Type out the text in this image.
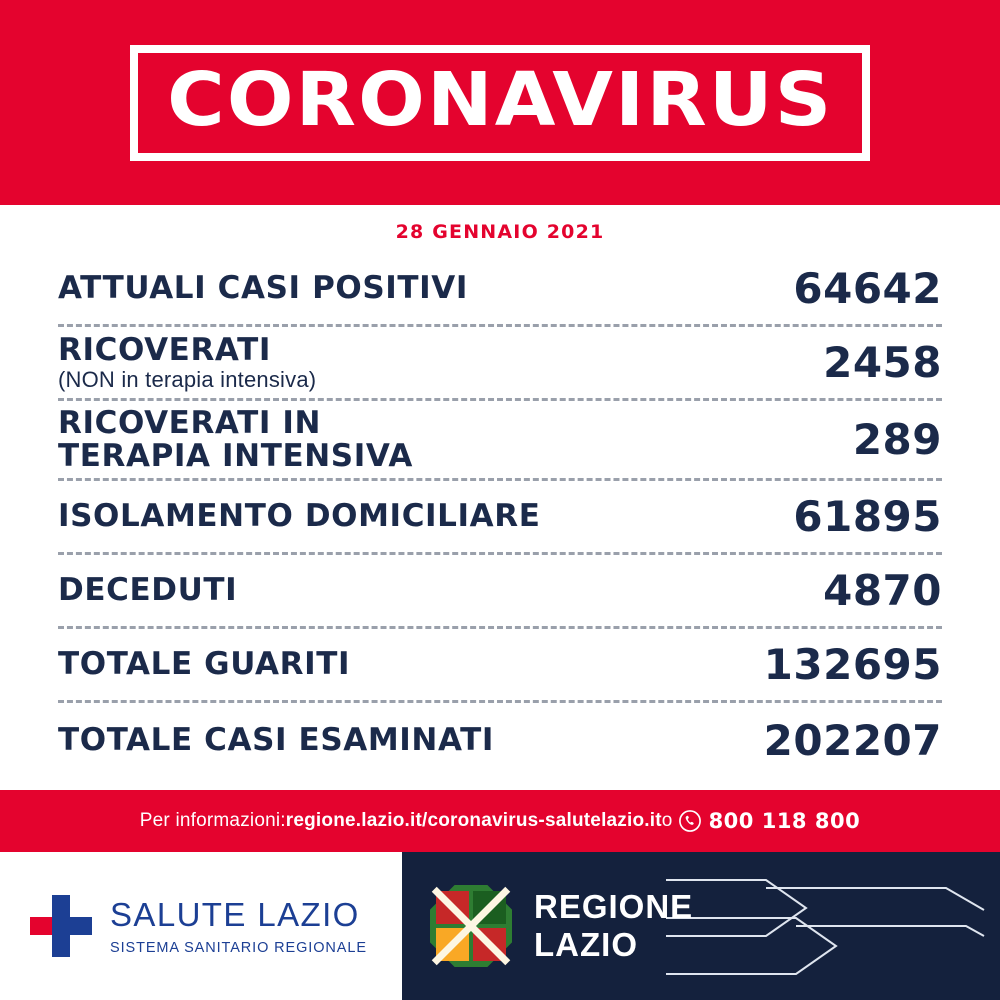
CORONAVIRUS
28 GENNAIO 2021
ATTUALI CASI POSITIVI	64642
RICOVERATI
(NON in terapia intensiva)	2458
RICOVERATI IN
TERAPIA INTENSIVA	289
ISOLAMENTO DOMICILIARE	61895
DECEDUTI	4870
TOTALE GUARITI	132695
TOTALE CASI ESAMINATI	202207
Per informazioni: regione.lazio.it/coronavirus - salutelazio.it o 800 118 800
SALUTE LAZIO
SISTEMA SANITARIO REGIONALE
REGIONE
LAZIO
